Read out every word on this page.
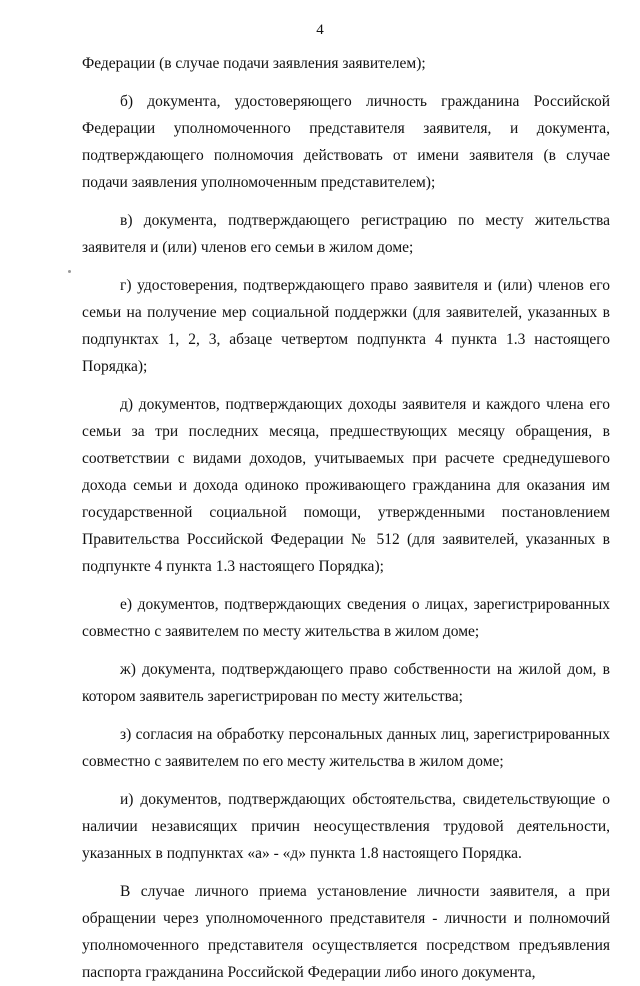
4

Федерации (в случае подачи заявления заявителем);

б) документа, удостоверяющего личность гражданина Российской Федерации уполномоченного представителя заявителя, и документа, подтверждающего полномочия действовать от имени заявителя (в случае подачи заявления уполномоченным представителем);

в) документа, подтверждающего регистрацию по месту жительства заявителя и (или) членов его семьи в жилом доме;

г) удостоверения, подтверждающего право заявителя и (или) членов его семьи на получение мер социальной поддержки (для заявителей, указанных в подпунктах 1, 2, 3, абзаце четвертом подпункта 4 пункта 1.3 настоящего Порядка);

д) документов, подтверждающих доходы заявителя и каждого члена его семьи за три последних месяца, предшествующих месяцу обращения, в соответствии с видами доходов, учитываемых при расчете среднедушевого дохода семьи и дохода одиноко проживающего гражданина для оказания им государственной социальной помощи, утвержденными постановлением Правительства Российской Федерации № 512 (для заявителей, указанных в подпункте 4 пункта 1.3 настоящего Порядка);

е) документов, подтверждающих сведения о лицах, зарегистрированных совместно с заявителем по месту жительства в жилом доме;

ж) документа, подтверждающего право собственности на жилой дом, в котором заявитель зарегистрирован по месту жительства;

з) согласия на обработку персональных данных лиц, зарегистрированных совместно с заявителем по его месту жительства в жилом доме;

и) документов, подтверждающих обстоятельства, свидетельствующие о наличии независящих причин неосуществления трудовой деятельности, указанных в подпунктах «а» - «д» пункта 1.8 настоящего Порядка.

В случае личного приема установление личности заявителя, а при обращении через уполномоченного представителя - личности и полномочий уполномоченного представителя осуществляется посредством предъявления паспорта гражданина Российской Федерации либо иного документа,
